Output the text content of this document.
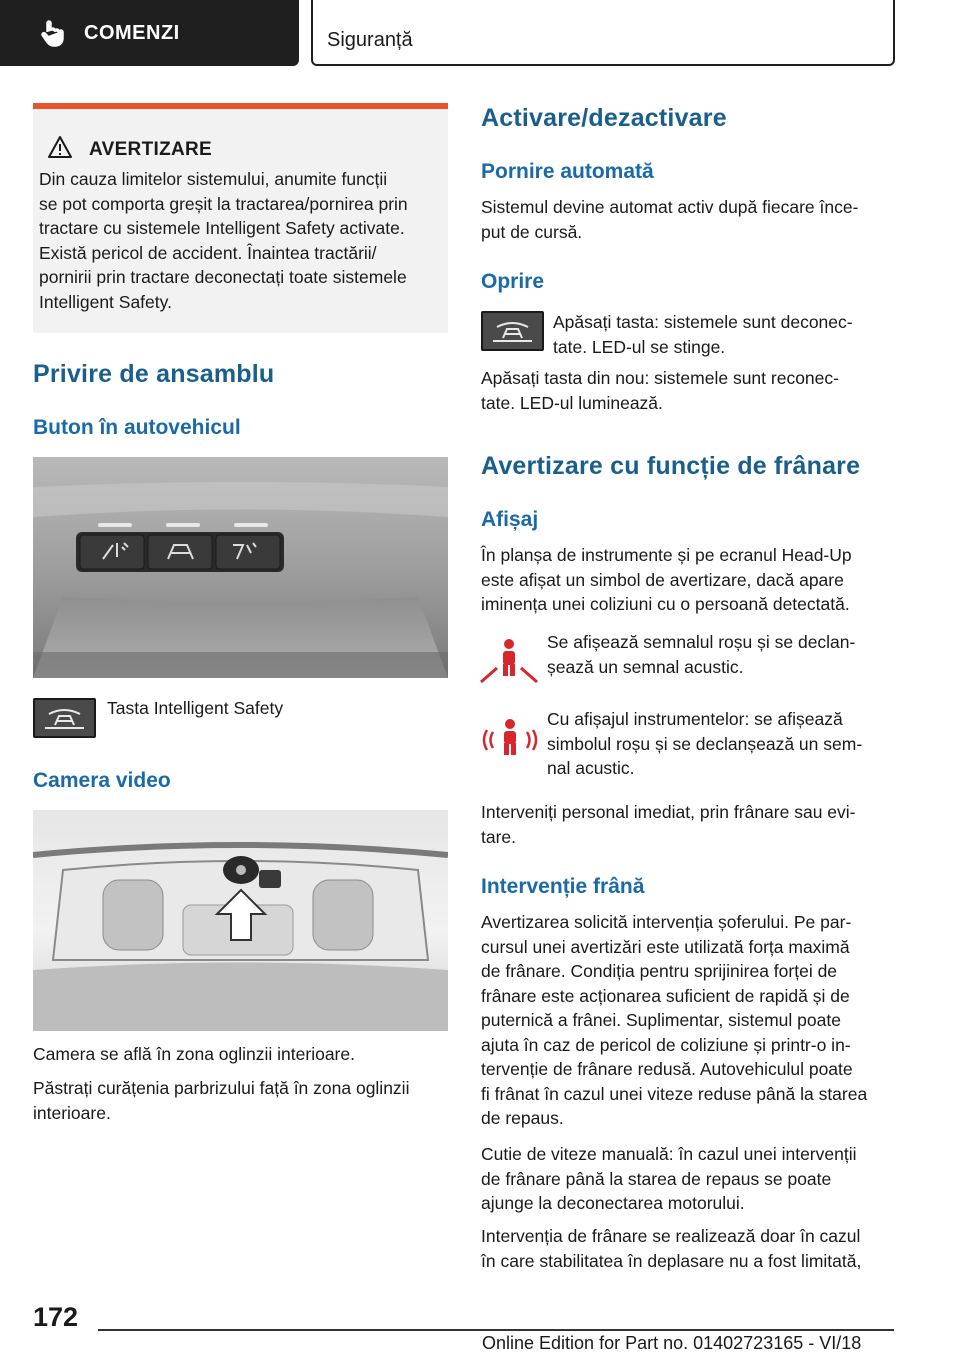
COMENZI	Siguranță
AVERTIZARE
Din cauza limitelor sistemului, anumite funcții
se pot comporta greșit la tractarea/pornirea prin
tractare cu sistemele Intelligent Safety activate.
Există pericol de accident. Înaintea tractării/
pornirii prin tractare deconectați toate sistemele
Intelligent Safety.
Privire de ansamblu
Buton în autovehicul
Tasta Intelligent Safety
Camera video
Camera se află în zona oglinzii interioare.
Păstrați curățenia parbrizului față în zona oglinzii
interioare.
Activare/dezactivare
Pornire automată
Sistemul devine automat activ după fiecare înce-
put de cursă.
Oprire
Apăsați tasta: sistemele sunt deconec-
tate. LED-ul se stinge.
Apăsați tasta din nou: sistemele sunt reconec-
tate. LED-ul luminează.
Avertizare cu funcție de frânare
Afișaj
În planșa de instrumente și pe ecranul Head-Up
este afișat un simbol de avertizare, dacă apare
iminența unei coliziuni cu o persoană detectată.
Se afișează semnalul roșu și se declan-
șează un semnal acustic.
Cu afișajul instrumentelor: se afișează
simbolul roșu și se declanșează un sem-
nal acustic.
Interveniți personal imediat, prin frânare sau evi-
tare.
Intervenție frână
Avertizarea solicită intervenția șoferului. Pe par-
cursul unei avertizări este utilizată forța maximă
de frânare. Condiția pentru sprijinirea forței de
frânare este acționarea suficient de rapidă și de
puternică a frânei. Suplimentar, sistemul poate
ajuta în caz de pericol de coliziune și printr-o in-
tervenție de frânare redusă. Autovehiculul poate
fi frânat în cazul unei viteze reduse până la starea
de repaus.
Cutie de viteze manuală: în cazul unei intervenții
de frânare până la starea de repaus se poate
ajunge la deconectarea motorului.
Intervenția de frânare se realizează doar în cazul
în care stabilitatea în deplasare nu a fost limitată,
172
Online Edition for Part no. 01402723165 - VI/18
